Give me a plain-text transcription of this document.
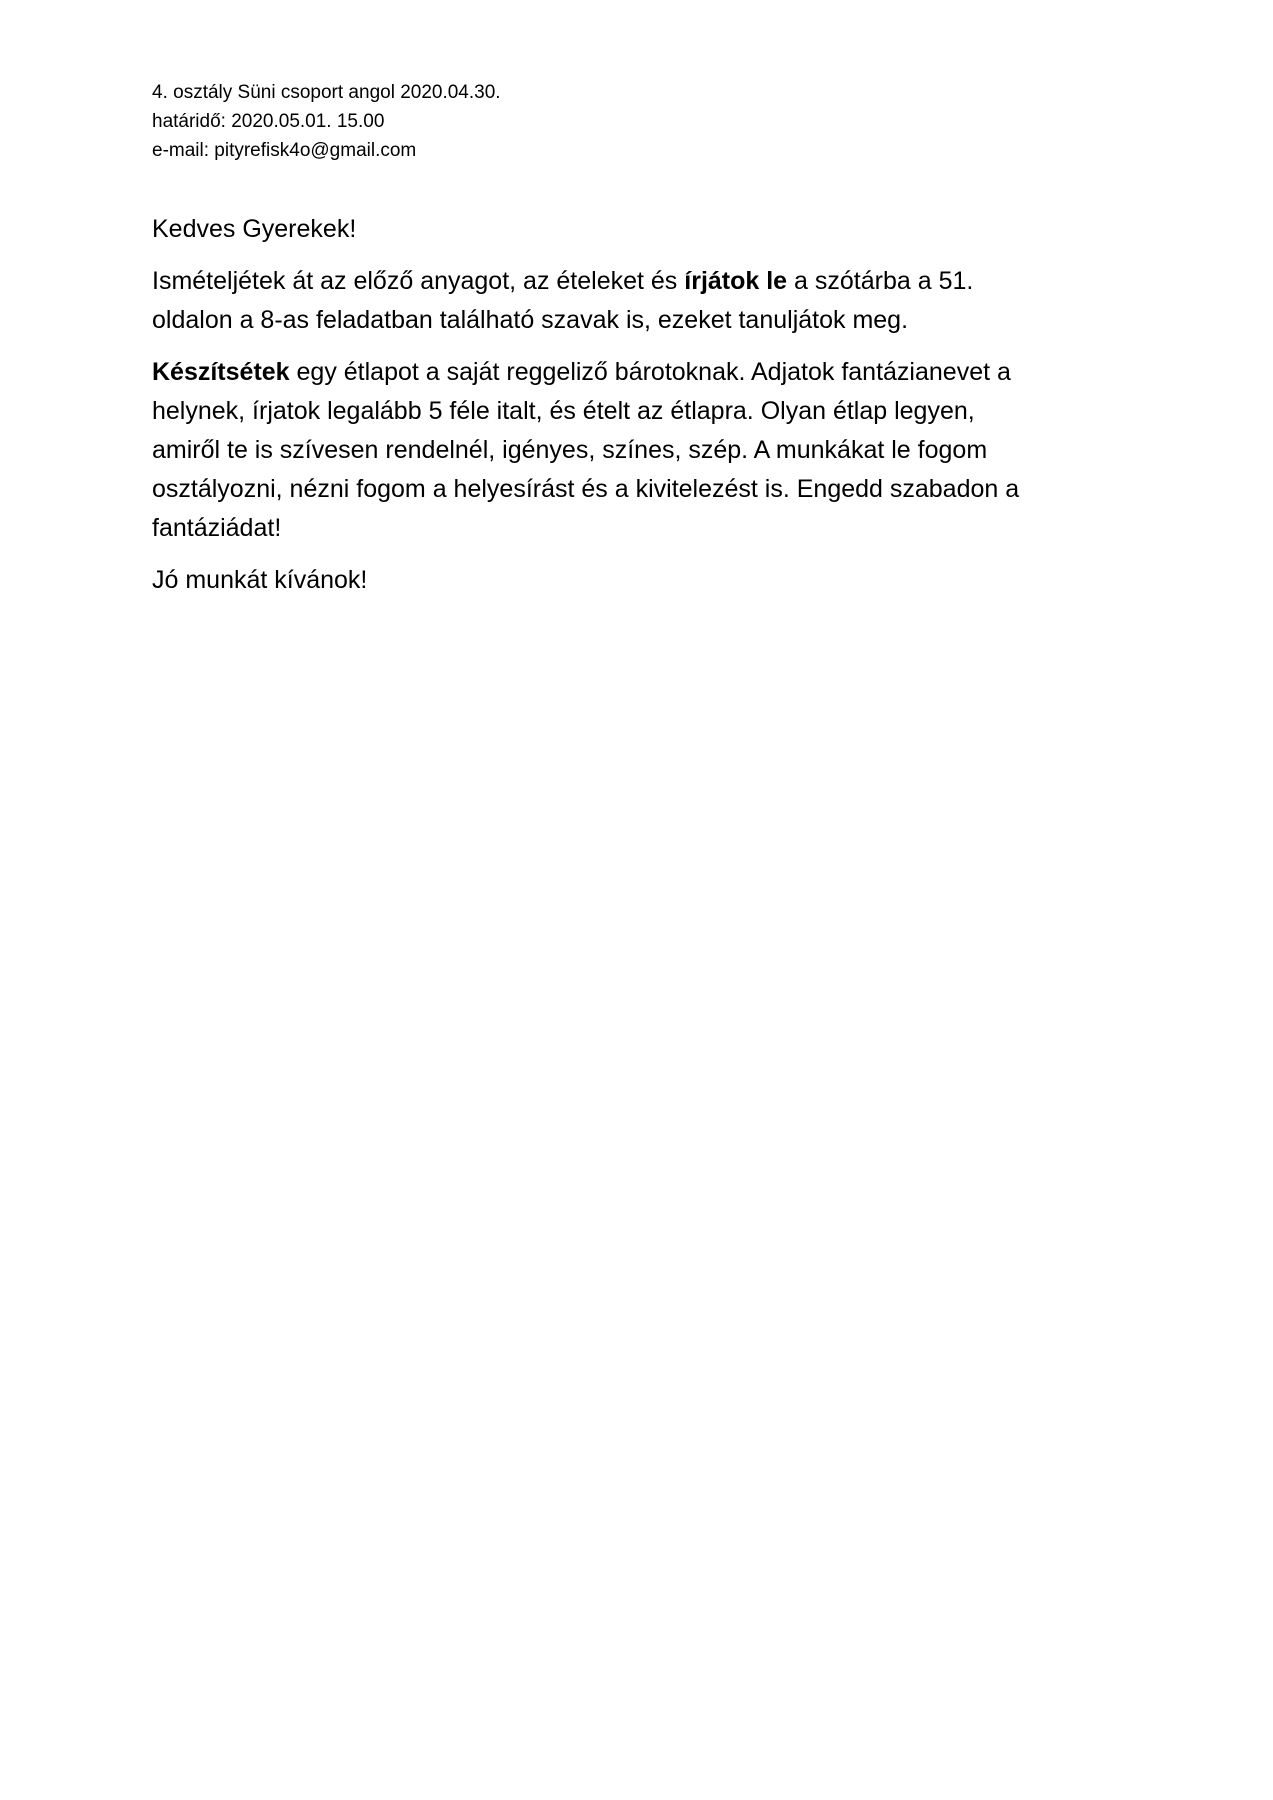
4. osztály Süni csoport angol 2020.04.30.
határidő: 2020.05.01. 15.00
e-mail: pityrefisk4o@gmail.com

Kedves Gyerekek!

Ismételjétek át az előző anyagot, az ételeket és írjátok le a szótárba a 51.
oldalon a 8-as feladatban található szavak is, ezeket tanuljátok meg.

Készítsétek egy étlapot a saját reggeliző bárotoknak. Adjatok fantázianevet a
helynek, írjatok legalább 5 féle italt, és ételt az étlapra. Olyan étlap legyen,
amiről te is szívesen rendelnél, igényes, színes, szép. A munkákat le fogom
osztályozni, nézni fogom a helyesírást és a kivitelezést is. Engedd szabadon a
fantáziádat!

Jó munkát kívánok!
